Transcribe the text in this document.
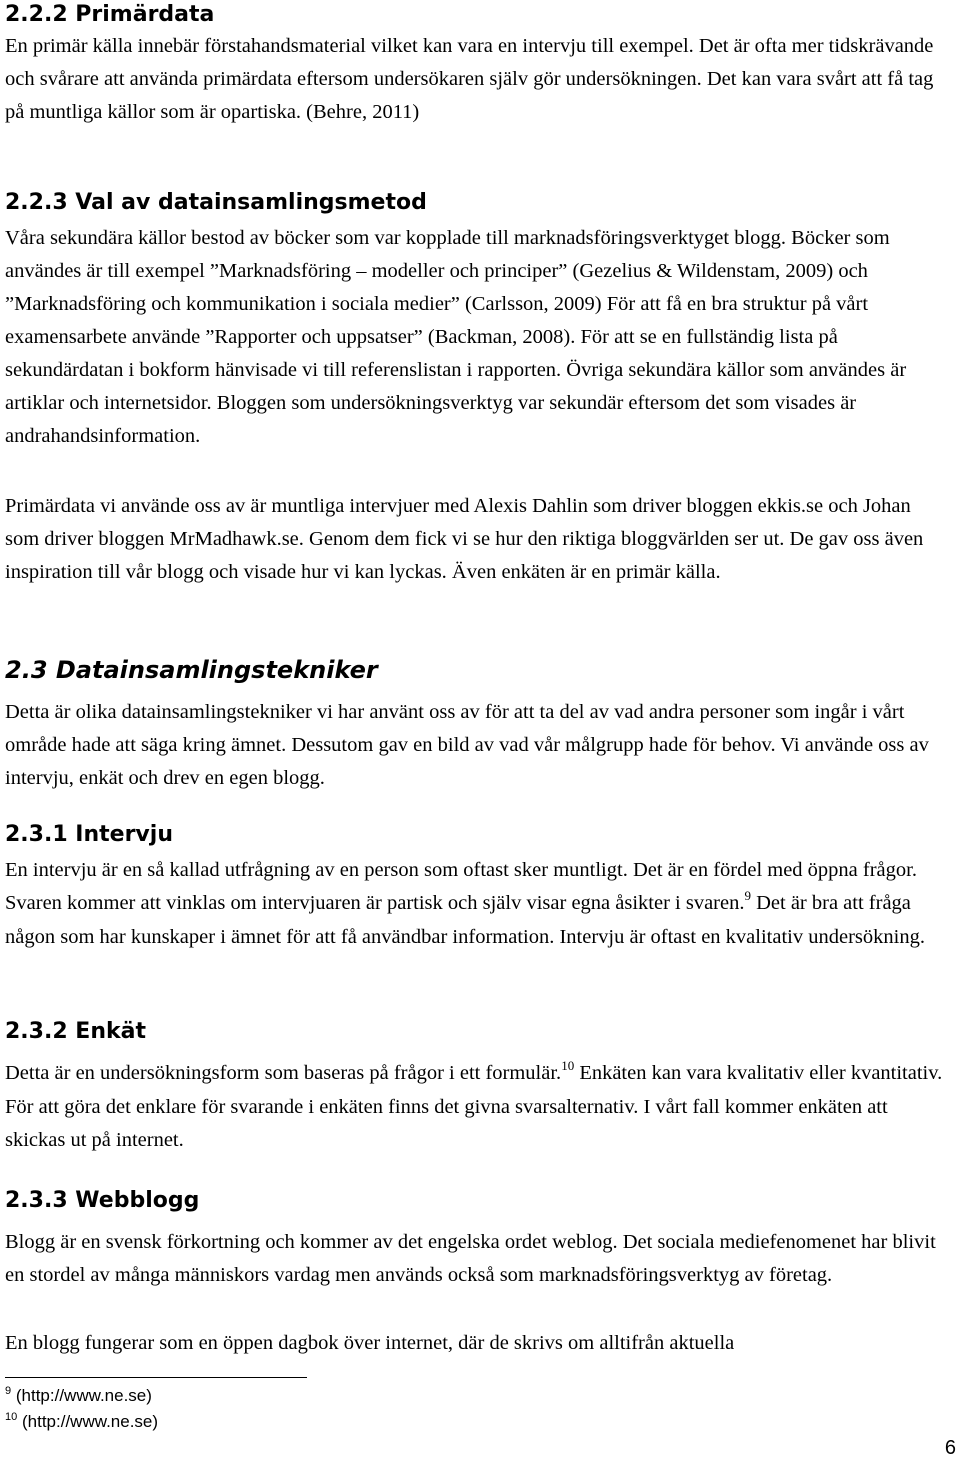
2.2.2 Primärdata

En primär källa innebär förstahandsmaterial vilket kan vara en intervju till exempel. Det är ofta mer tidskrävande och svårare att använda primärdata eftersom undersökaren själv gör undersökningen. Det kan vara svårt att få tag på muntliga källor som är opartiska. (Behre, 2011)

2.2.3 Val av datainsamlingsmetod

Våra sekundära källor bestod av böcker som var kopplade till marknadsföringsverktyget blogg. Böcker som användes är till exempel ”Marknadsföring – modeller och principer” (Gezelius & Wildenstam, 2009) och ”Marknadsföring och kommunikation i sociala medier” (Carlsson, 2009) För att få en bra struktur på vårt examensarbete använde ”Rapporter och uppsatser” (Backman, 2008). För att se en fullständig lista på sekundärdatan i bokform hänvisade vi till referenslistan i rapporten. Övriga sekundära källor som användes är artiklar och internetsidor. Bloggen som undersökningsverktyg var sekundär eftersom det som visades är andrahandsinformation.

Primärdata vi använde oss av är muntliga intervjuer med Alexis Dahlin som driver bloggen ekkis.se och Johan som driver bloggen MrMadhawk.se. Genom dem fick vi se hur den riktiga bloggvärlden ser ut. De gav oss även inspiration till vår blogg och visade hur vi kan lyckas. Även enkäten är en primär källa.

2.3 Datainsamlingstekniker

Detta är olika datainsamlingstekniker vi har använt oss av för att ta del av vad andra personer som ingår i vårt område hade att säga kring ämnet. Dessutom gav en bild av vad vår målgrupp hade för behov. Vi använde oss av intervju, enkät och drev en egen blogg.

2.3.1 Intervju

En intervju är en så kallad utfrågning av en person som oftast sker muntligt. Det är en fördel med öppna frågor. Svaren kommer att vinklas om intervjuaren är partisk och själv visar egna åsikter i svaren.$^9$ Det är bra att fråga någon som har kunskaper i ämnet för att få användbar information. Intervju är oftast en kvalitativ undersökning.

2.3.2 Enkät

Detta är en undersökningsform som baseras på frågor i ett formulär.$^{10}$ Enkäten kan vara kvalitativ eller kvantitativ. För att göra det enklare för svarande i enkäten finns det givna svarsalternativ. I vårt fall kommer enkäten att skickas ut på internet.

2.3.3 Webblogg

Blogg är en svensk förkortning och kommer av det engelska ordet weblog. Det sociala mediefenomenet har blivit en stordel av många människors vardag men används också som marknadsföringsverktyg av företag.

En blogg fungerar som en öppen dagbok över internet, där de skrivs om alltifrån aktuella

$^9$ (http://www.ne.se)
$^{10}$ (http://www.ne.se)
6
